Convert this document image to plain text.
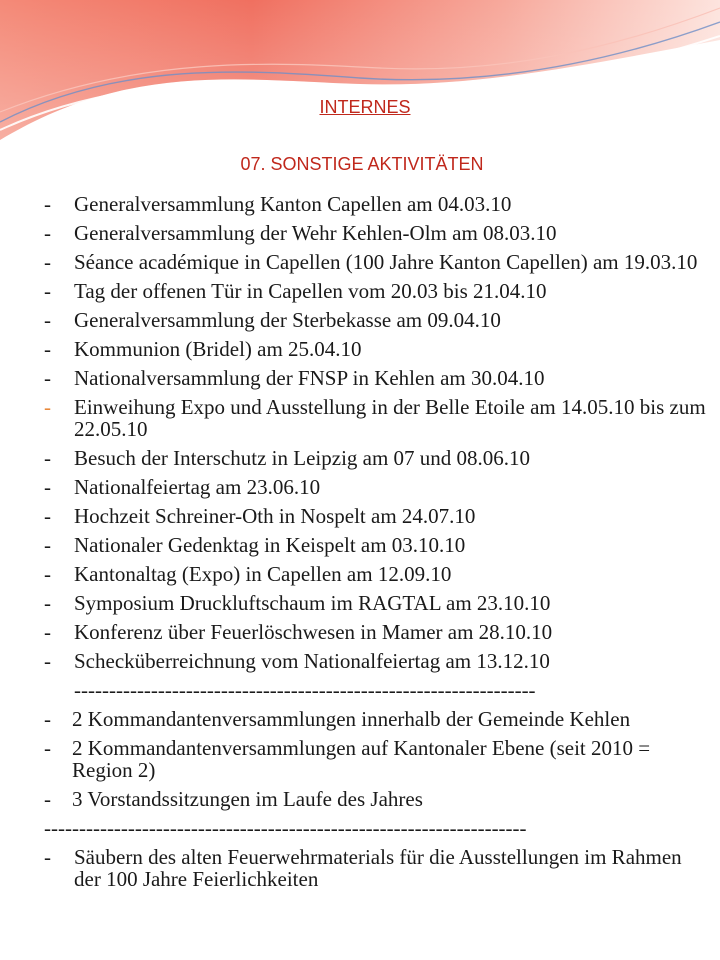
INTERNES

07. SONSTIGE AKTIVITÄTEN

-	Generalversammlung Kanton Capellen am 04.03.10
-	Generalversammlung der Wehr Kehlen-Olm am 08.03.10
-	Séance académique in Capellen (100 Jahre Kanton Capellen) am 19.03.10
-	Tag der offenen Tür in Capellen vom 20.03 bis 21.04.10
-	Generalversammlung der Sterbekasse am 09.04.10
-	Kommunion (Bridel) am 25.04.10
-	Nationalversammlung der FNSP in Kehlen am 30.04.10
-	Einweihung Expo und Ausstellung in der Belle Etoile am 14.05.10 bis zum 22.05.10
-	Besuch der Interschutz in Leipzig am 07 und 08.06.10
-	Nationalfeiertag am 23.06.10
-	Hochzeit Schreiner-Oth in Nospelt am 24.07.10
-	Nationaler Gedenktag in Keispelt am 03.10.10
-	Kantonaltag (Expo) in Capellen am 12.09.10
-	Symposium Druckluftschaum im RAGTAL am 23.10.10
-	Konferenz über Feuerlöschwesen in Mamer am 28.10.10
-	Schecküberreichnung vom Nationalfeiertag am 13.12.10
------------------------------------------------------------------
-	2 Kommandantenversammlungen innerhalb der Gemeinde Kehlen
-	2 Kommandantenversammlungen auf Kantonaler Ebene (seit 2010 = Region 2)
-	3 Vorstandssitzungen im Laufe des Jahres
---------------------------------------------------------------------
-	Säubern des alten Feuerwehrmaterials für die Ausstellungen im Rahmen der 100 Jahre Feierlichkeiten
